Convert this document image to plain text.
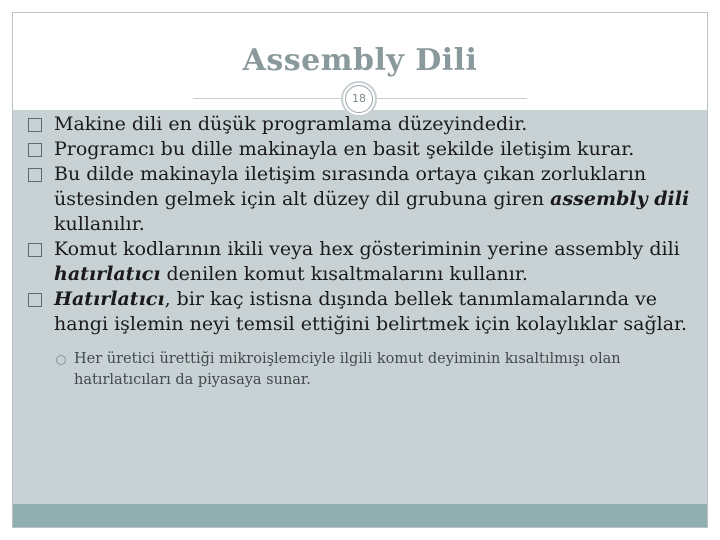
Assembly Dili
18
Makine dili en düşük programlama düzeyindedir.
Programcı bu dille makinayla en basit şekilde iletişim kurar.
Bu dilde makinayla iletişim sırasında ortaya çıkan zorlukların üstesinden gelmek için alt düzey dil grubuna giren assembly dili kullanılır.
Komut kodlarının ikili veya hex gösteriminin yerine assembly dili hatırlatıcı denilen komut kısaltmalarını kullanır.
Hatırlatıcı, bir kaç istisna dışında bellek tanımlamalarında ve hangi işlemin neyi temsil ettiğini belirtmek için kolaylıklar sağlar.
Her üretici ürettiği mikroişlemciyle ilgili komut deyiminin kısaltılmışı olan hatırlatıcıları da piyasaya sunar.
